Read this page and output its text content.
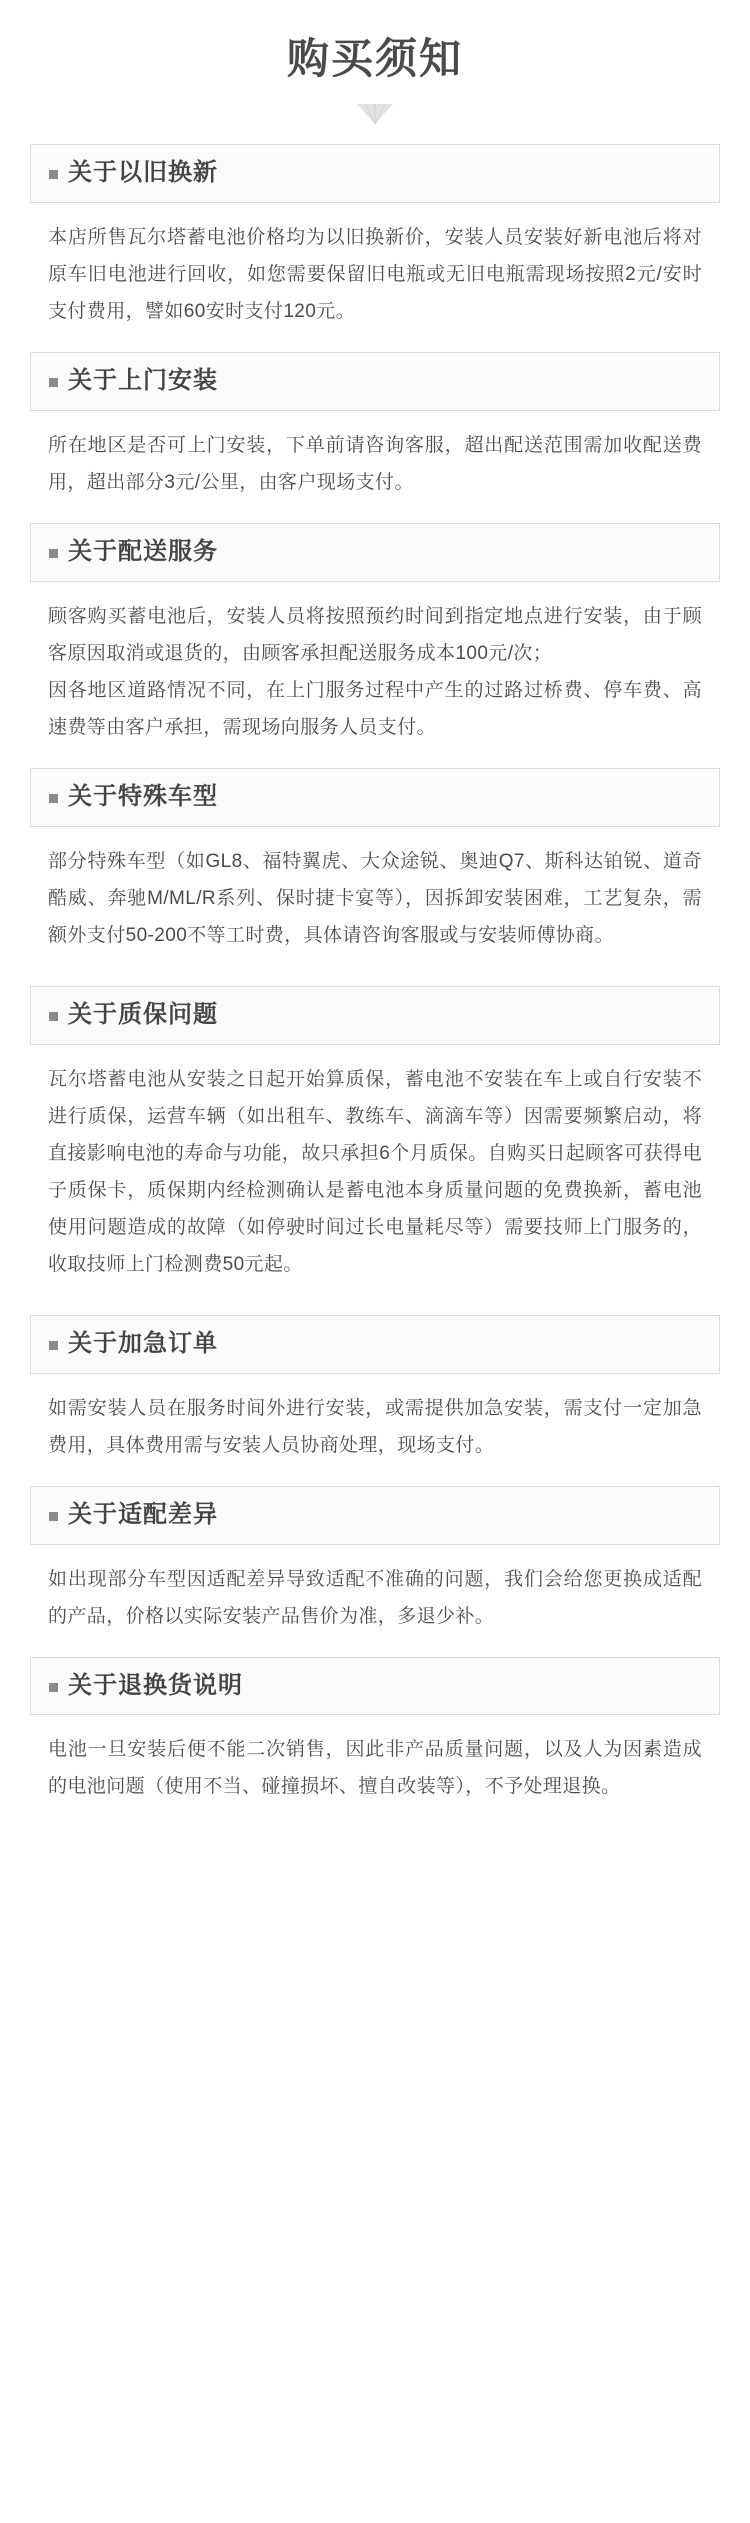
购买须知
关于以旧换新

本店所售瓦尔塔蓄电池价格均为以旧换新价，安装人员安装好新电池后将对原车旧电池进行回收，如您需要保留旧电瓶或无旧电瓶需现场按照2元/安时支付费用，譬如60安时支付120元。

关于上门安装

所在地区是否可上门安装，下单前请咨询客服，超出配送范围需加收配送费用，超出部分3元/公里，由客户现场支付。

关于配送服务

顾客购买蓄电池后，安装人员将按照预约时间到指定地点进行安装，由于顾客原因取消或退货的，由顾客承担配送服务成本100元/次；

因各地区道路情况不同，在上门服务过程中产生的过路过桥费、停车费、高速费等由客户承担，需现场向服务人员支付。

关于特殊车型

部分特殊车型（如GL8、福特翼虎、大众途锐、奥迪Q7、斯科达铂锐、道奇酷威、奔驰M/ML/R系列、保时捷卡宴等），因拆卸安装困难，工艺复杂，需额外支付50-200不等工时费，具体请咨询客服或与安装师傅协商。

关于质保问题

瓦尔塔蓄电池从安装之日起开始算质保，蓄电池不安装在车上或自行安装不进行质保，运营车辆（如出租车、教练车、滴滴车等）因需要频繁启动，将直接影响电池的寿命与功能，故只承担6个月质保。自购买日起顾客可获得电子质保卡，质保期内经检测确认是蓄电池本身质量问题的免费换新，蓄电池使用问题造成的故障（如停驶时间过长电量耗尽等）需要技师上门服务的，收取技师上门检测费50元起。

关于加急订单

如需安装人员在服务时间外进行安装，或需提供加急安装，需支付一定加急费用，具体费用需与安装人员协商处理，现场支付。

关于适配差异

如出现部分车型因适配差异导致适配不准确的问题，我们会给您更换成适配的产品，价格以实际安装产品售价为准，多退少补。

关于退换货说明

电池一旦安装后便不能二次销售，因此非产品质量问题，以及人为因素造成的电池问题（使用不当、碰撞损坏、擅自改装等），不予处理退换。
